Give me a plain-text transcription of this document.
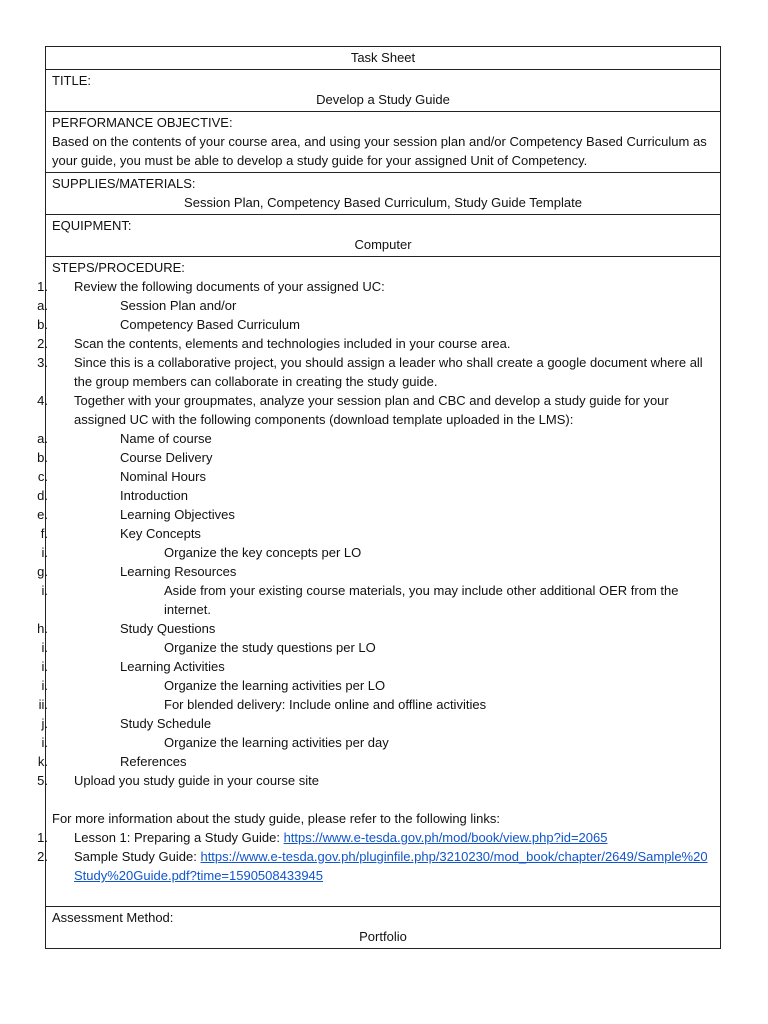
Task Sheet
TITLE:
Develop a Study Guide
PERFORMANCE OBJECTIVE:
Based on the contents of your course area, and using your session plan and/or Competency Based Curriculum as your guide, you must be able to develop a study guide for your assigned Unit of Competency.
SUPPLIES/MATERIALS:
Session Plan, Competency Based Curriculum, Study Guide Template
EQUIPMENT:
Computer
STEPS/PROCEDURE:
1. Review the following documents of your assigned UC:
a.	Session Plan and/or
b.	Competency Based Curriculum
2. Scan the contents, elements and technologies included in your course area.
3. Since this is a collaborative project, you should assign a leader who shall create a google document where all the group members can collaborate in creating the study guide.
4. Together with your groupmates, analyze your session plan and CBC and develop a study guide for your assigned UC with the following components (download template uploaded in the LMS):
a.	Name of course
b.	Course Delivery
c.	Nominal Hours
d.	Introduction
e.	Learning Objectives
f.	Key Concepts
i.	Organize the key concepts per LO
g.	Learning Resources
i.	Aside from your existing course materials, you may include other additional OER from the internet.
h.	Study Questions
i.	Organize the study questions per LO
i.	Learning Activities
i.	Organize the learning activities per LO
ii.	For blended delivery: Include online and offline activities
j.	Study Schedule
i.	Organize the learning activities per day
k.	References
5. Upload you study guide in your course site
For more information about the study guide, please refer to the following links:
1. Lesson 1: Preparing a Study Guide: https://www.e-tesda.gov.ph/mod/book/view.php?id=2065
2. Sample Study Guide: https://www.e-tesda.gov.ph/pluginfile.php/3210230/mod_book/chapter/2649/Sample%20Study%20Guide.pdf?time=1590508433945
Assessment Method:
Portfolio
